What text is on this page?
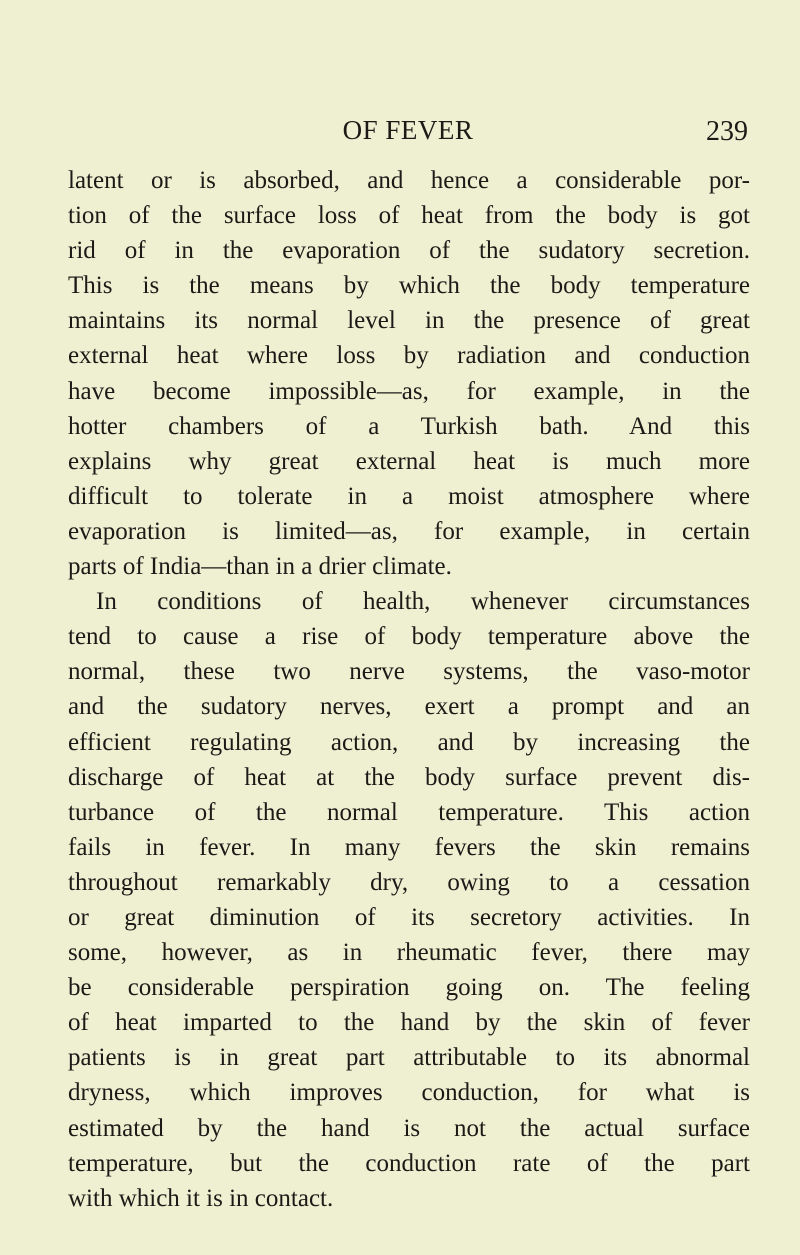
OF FEVER	239
latent or is absorbed, and hence a considerable por-
tion of the surface loss of heat from the body is got
rid of in the evaporation of the sudatory secretion.
This is the means by which the body temperature
maintains its normal level in the presence of great
external heat where loss by radiation and conduction
have become impossible—as, for example, in the
hotter chambers of a Turkish bath. And this
explains why great external heat is much more
difficult to tolerate in a moist atmosphere where
evaporation is limited—as, for example, in certain
parts of India—than in a drier climate.
In conditions of health, whenever circumstances
tend to cause a rise of body temperature above the
normal, these two nerve systems, the vaso-motor
and the sudatory nerves, exert a prompt and an
efficient regulating action, and by increasing the
discharge of heat at the body surface prevent dis-
turbance of the normal temperature. This action
fails in fever. In many fevers the skin remains
throughout remarkably dry, owing to a cessation
or great diminution of its secretory activities. In
some, however, as in rheumatic fever, there may
be considerable perspiration going on. The feeling
of heat imparted to the hand by the skin of fever
patients is in great part attributable to its abnormal
dryness, which improves conduction, for what is
estimated by the hand is not the actual surface
temperature, but the conduction rate of the part
with which it is in contact.
